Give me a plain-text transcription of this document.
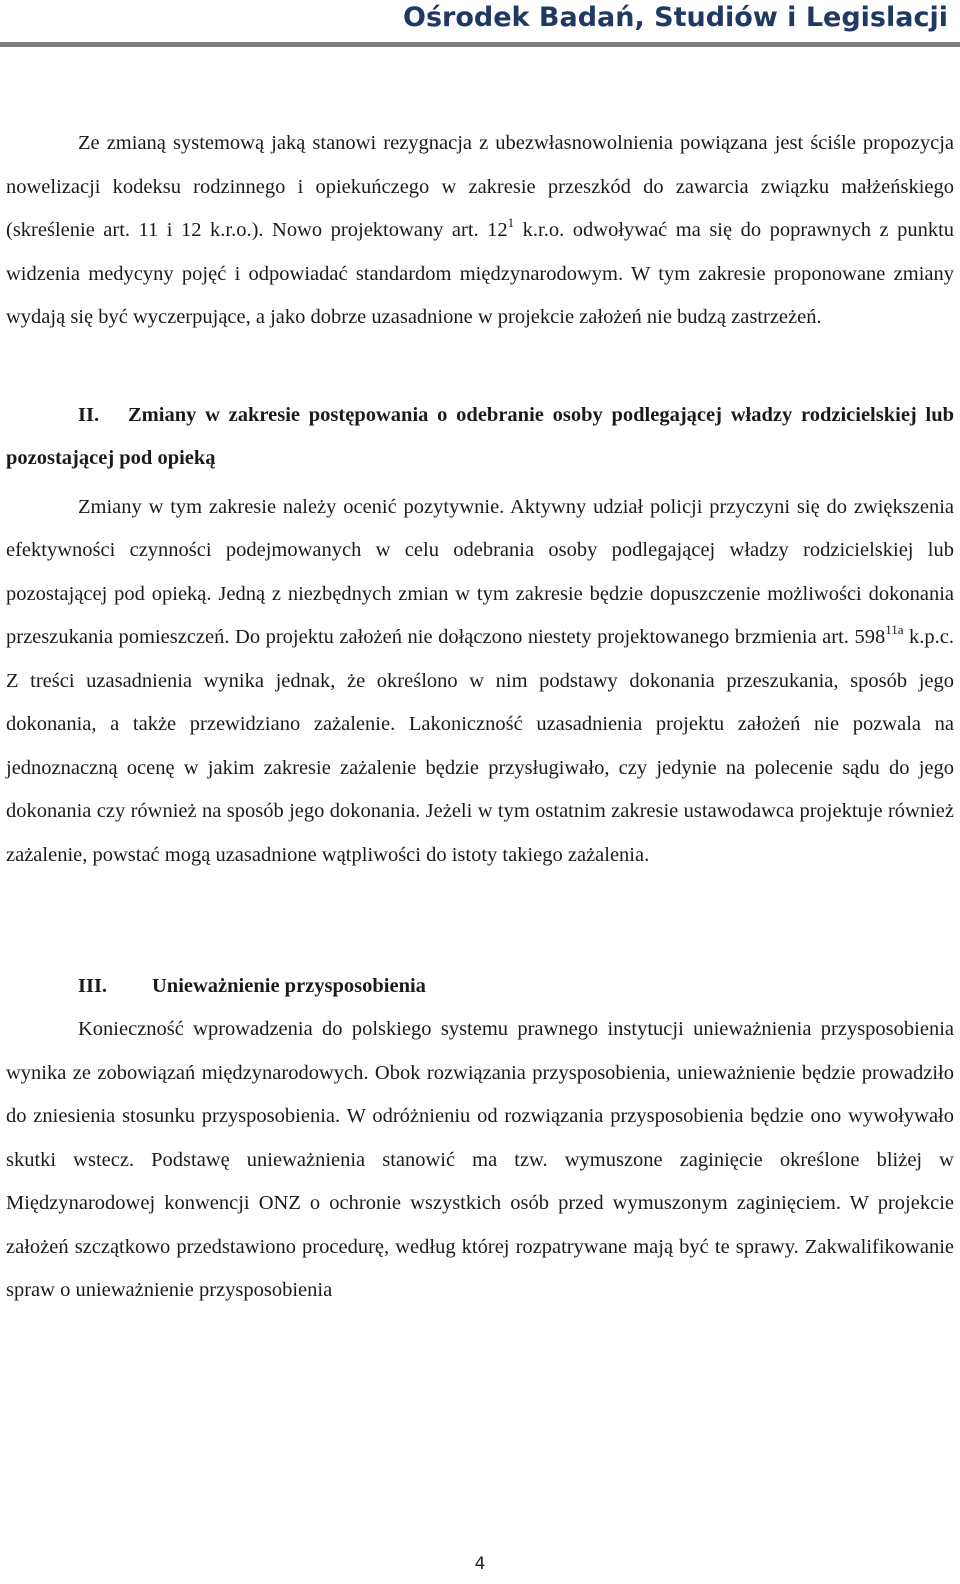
Ośrodek Badań, Studiów i Legislacji

Ze zmianą systemową jaką stanowi rezygnacja z ubezwłasnowolnienia powiązana jest ściśle propozycja nowelizacji kodeksu rodzinnego i opiekuńczego w zakresie przeszkód do zawarcia związku małżeńskiego (skreślenie art. 11 i 12 k.r.o.). Nowo projektowany art. $12^1$ k.r.o. odwoływać ma się do poprawnych z punktu widzenia medycyny pojęć i odpowiadać standardom międzynarodowym. W tym zakresie proponowane zmiany wydają się być wyczerpujące, a jako dobrze uzasadnione w projekcie założeń nie budzą zastrzeżeń.

II. Zmiany w zakresie postępowania o odebranie osoby podlegającej władzy rodzicielskiej lub pozostającej pod opieką

Zmiany w tym zakresie należy ocenić pozytywnie. Aktywny udział policji przyczyni się do zwiększenia efektywności czynności podejmowanych w celu odebrania osoby podlegającej władzy rodzicielskiej lub pozostającej pod opieką. Jedną z niezbędnych zmian w tym zakresie będzie dopuszczenie możliwości dokonania przeszukania pomieszczeń. Do projektu założeń nie dołączono niestety projektowanego brzmienia art. $598^{11a}$ k.p.c. Z treści uzasadnienia wynika jednak, że określono w nim podstawy dokonania przeszukania, sposób jego dokonania, a także przewidziano zażalenie. Lakoniczność uzasadnienia projektu założeń nie pozwala na jednoznaczną ocenę w jakim zakresie zażalenie będzie przysługiwało, czy jedynie na polecenie sądu do jego dokonania czy również na sposób jego dokonania. Jeżeli w tym ostatnim zakresie ustawodawca projektuje również zażalenie, powstać mogą uzasadnione wątpliwości do istoty takiego zażalenia.

III. Unieważnienie przysposobienia

Konieczność wprowadzenia do polskiego systemu prawnego instytucji unieważnienia przysposobienia wynika ze zobowiązań międzynarodowych. Obok rozwiązania przysposobienia, unieważnienie będzie prowadziło do zniesienia stosunku przysposobienia. W odróżnieniu od rozwiązania przysposobienia będzie ono wywoływało skutki wstecz. Podstawę unieważnienia stanowić ma tzw. wymuszone zaginięcie określone bliżej w Międzynarodowej konwencji ONZ o ochronie wszystkich osób przed wymuszonym zaginięciem. W projekcie założeń szczątkowo przedstawiono procedurę, według której rozpatrywane mają być te sprawy. Zakwalifikowanie spraw o unieważnienie przysposobienia

4
